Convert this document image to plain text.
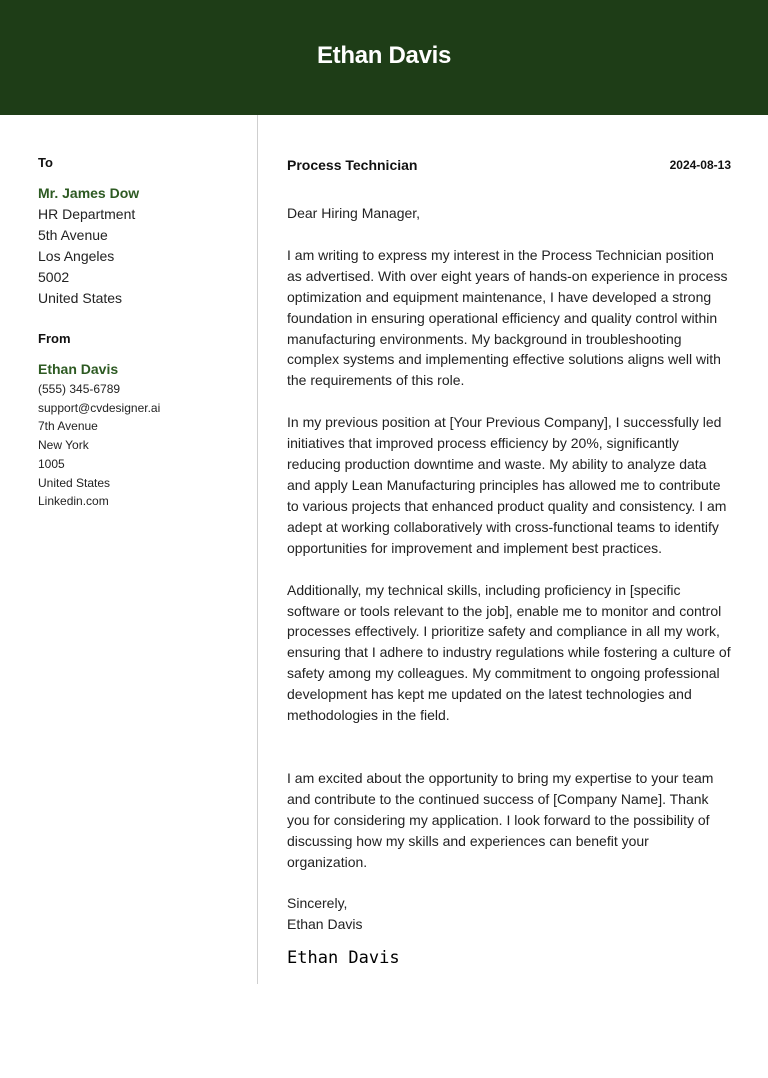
Ethan Davis
To
Mr. James Dow
HR Department
5th Avenue
Los Angeles
5002
United States
From
Ethan Davis
(555) 345-6789
support@cvdesigner.ai
7th Avenue
New York
1005
United States
Linkedin.com
Process Technician	2024-08-13

Dear Hiring Manager,

I am writing to express my interest in the Process Technician position as advertised. With over eight years of hands-on experience in process optimization and equipment maintenance, I have developed a strong foundation in ensuring operational efficiency and quality control within manufacturing environments. My background in troubleshooting complex systems and implementing effective solutions aligns well with the requirements of this role.

In my previous position at [Your Previous Company], I successfully led initiatives that improved process efficiency by 20%, significantly reducing production downtime and waste. My ability to analyze data and apply Lean Manufacturing principles has allowed me to contribute to various projects that enhanced product quality and consistency. I am adept at working collaboratively with cross-functional teams to identify opportunities for improvement and implement best practices.

Additionally, my technical skills, including proficiency in [specific software or tools relevant to the job], enable me to monitor and control processes effectively. I prioritize safety and compliance in all my work, ensuring that I adhere to industry regulations while fostering a culture of safety among my colleagues. My commitment to ongoing professional development has kept me updated on the latest technologies and methodologies in the field.

I am excited about the opportunity to bring my expertise to your team and contribute to the continued success of [Company Name]. Thank you for considering my application. I look forward to the possibility of discussing how my skills and experiences can benefit your organization.

Sincerely,

Ethan Davis

Ethan Davis
